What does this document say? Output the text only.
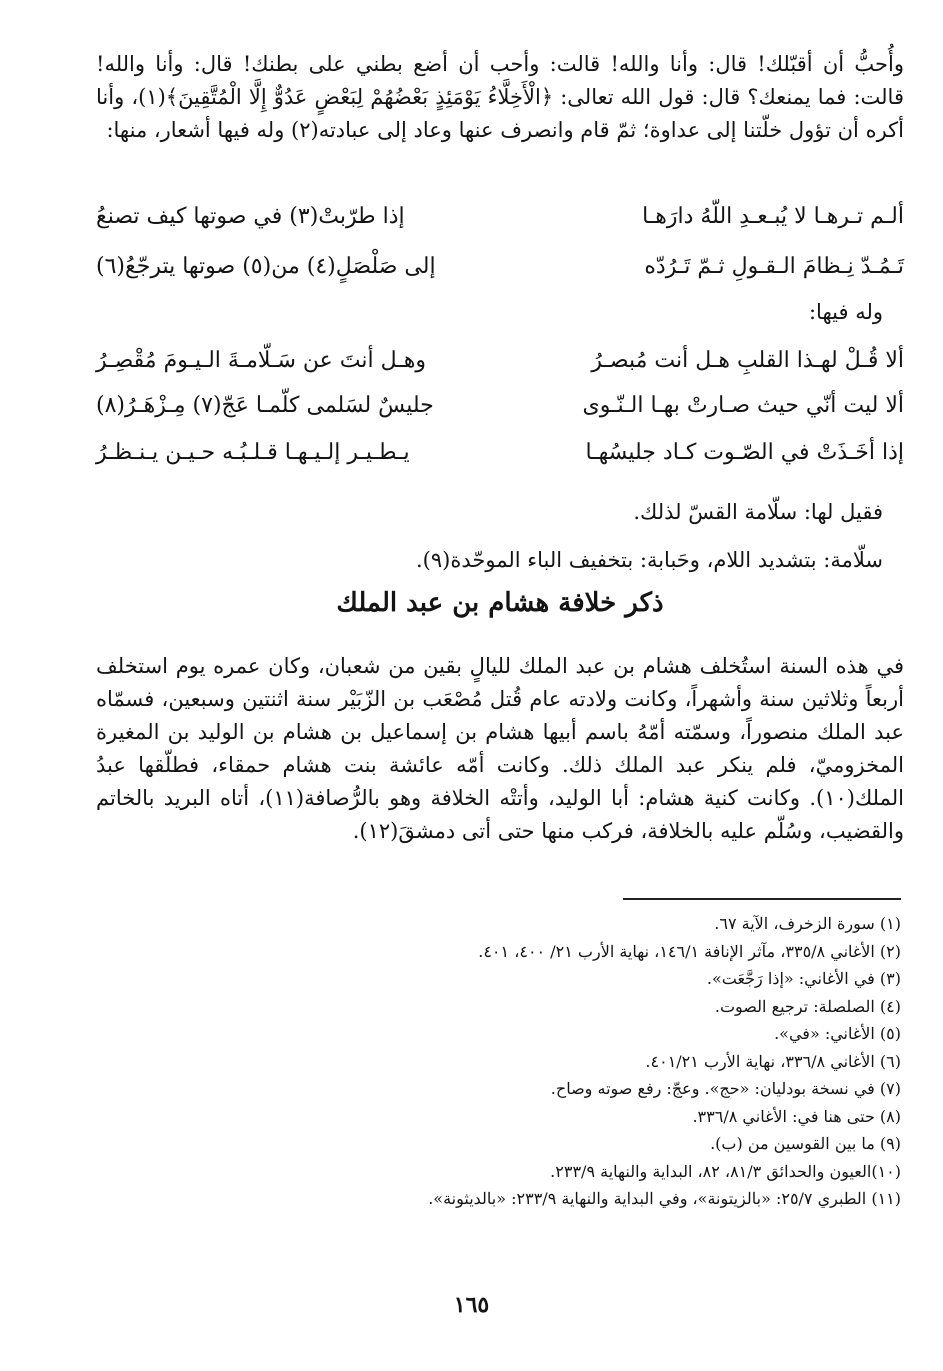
وأُحبُّ أن أقبّلك! قال: وأنا والله! قالت: وأحب أن أضع بطني على بطنك! قال: وأنا والله! قالت: فما يمنعك؟ قال: قول الله تعالى: ﴿الْأَخِلَّاءُ يَوْمَئِذٍ بَعْضُهُمْ لِبَعْضٍ عَدُوٌّ إِلَّا الْمُتَّقِينَ﴾(١)، وأنا أكره أن تؤول خلّتنا إلى عداوة؛ ثمّ قام وانصرف عنها وعاد إلى عبادته(٢) وله فيها أشعار، منها:

ألـم تـرهـا لا يُبـعـدِ اللّهُ دارَهـا
إذا طرّبتْ(٣) في صوتها كيف تصنعُ
تَـمُـدّ نِـظامَ الـقـولِ ثـمّ تَـرُدّه
إلى صَلْصَلٍ(٤) من(٥) صوتها يترجّعُ(٦)
وله فيها:
ألا قُـلْ لهـذا القلبِ هـل أنت مُبصـرُ
وهـل أنتَ عن سَـلّامـةَ الـيـومَ مُقْصِـرُ
ألا ليت أنّي حيث صـارتْ بهـا الـنّـوى
جليسٌ لسَلمى كلّمـا عَجّ(٧) مِـزْهَـرُ(٨)
إذا أخَـذَتْ في الصّـوت كـاد جليسُهـا
يـطـيـر إلـيـهـا قـلـبُـه حـيـن يـنـظـرُ
فقيل لها: سلّامة القسّ لذلك.
سلّامة: بتشديد اللام، وحَبابة: بتخفيف الباء الموحّدة(٩).
ذكر خلافة هشام بن عبد الملك

في هذه السنة استُخلف هشام بن عبد الملك لليالٍ بقين من شعبان، وكان عمره يوم استخلف أربعاً وثلاثين سنة وأشهراً، وكانت ولادته عام قُتل مُصْعَب بن الزّبَيْر سنة اثنتين وسبعين، فسمّاه عبد الملك منصوراً، وسمّته أمّهُ باسم أبيها هشام بن إسماعيل بن هشام بن الوليد بن المغيرة المخزوميّ، فلم ينكر عبد الملك ذلك. وكانت أمّه عائشة بنت هشام حمقاء، فطلّقها عبدُ الملك(١٠). وكانت كنية هشام: أبا الوليد، وأتتْه الخلافة وهو بالرُّصافة(١١)، أتاه البريد بالخاتم والقضيب، وسُلّم عليه بالخلافة، فركب منها حتى أتى دمشقَ(١٢).

(١) سورة الزخرف، الآية ٦٧.
(٢) الأغاني ٣٣٥/٨، مآثر الإنافة ١٤٦/١، نهاية الأرب ٢١/ ٤٠٠، ٤٠١.
(٣) في الأغاني: «إذا رَجَّعَت».
(٤) الصلصلة: ترجيع الصوت.
(٥) الأغاني: «في».
(٦) الأغاني ٣٣٦/٨، نهاية الأرب ٤٠١/٢١.
(٧) في نسخة بودليان: «حج». وعجّ: رفع صوته وصاح.
(٨) حتى هنا في: الأغاني ٣٣٦/٨.
(٩) ما بين القوسين من (ب).
(١٠)العيون والحدائق ٨١/٣، ٨٢، البداية والنهاية ٢٣٣/٩.
(١١) الطبري ٢٥/٧: «بالزيتونة»، وفي البداية والنهاية ٢٣٣/٩: «بالديثونة».
١٦٥
